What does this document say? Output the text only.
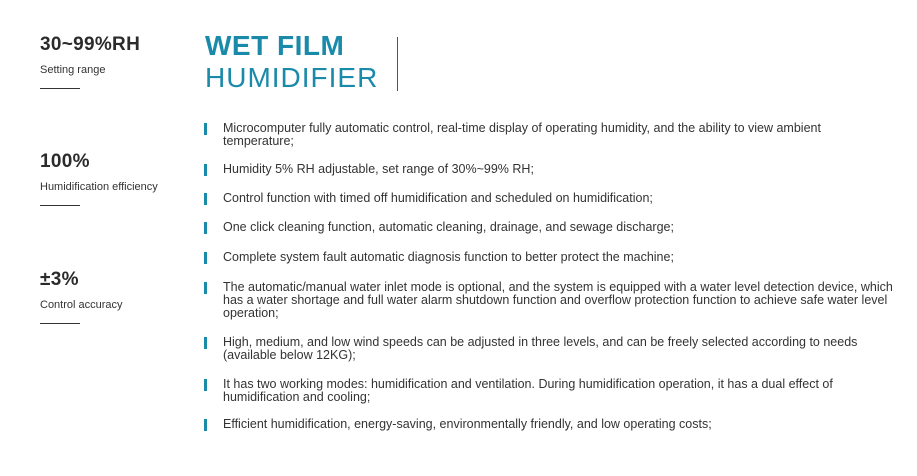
30~99%RH
Setting range
100%
Humidification efficiency
±3%
Control accuracy
WET FILM
HUMIDIFIER
Microcomputer fully automatic control, real-time display of operating humidity, and the ability to view ambient temperature;
Humidity 5% RH adjustable, set range of 30%~99% RH;
Control function with timed off humidification and scheduled on humidification;
One click cleaning function, automatic cleaning, drainage, and sewage discharge;
Complete system fault automatic diagnosis function to better protect the machine;
The automatic/manual water inlet mode is optional, and the system is equipped with a water level detection device, which has a water shortage and full water alarm shutdown function and overflow protection function to achieve safe water level operation;
High, medium, and low wind speeds can be adjusted in three levels, and can be freely selected according to needs (available below 12KG);
It has two working modes: humidification and ventilation. During humidification operation, it has a dual effect of humidification and cooling;
Efficient humidification, energy-saving, environmentally friendly, and low operating costs;
